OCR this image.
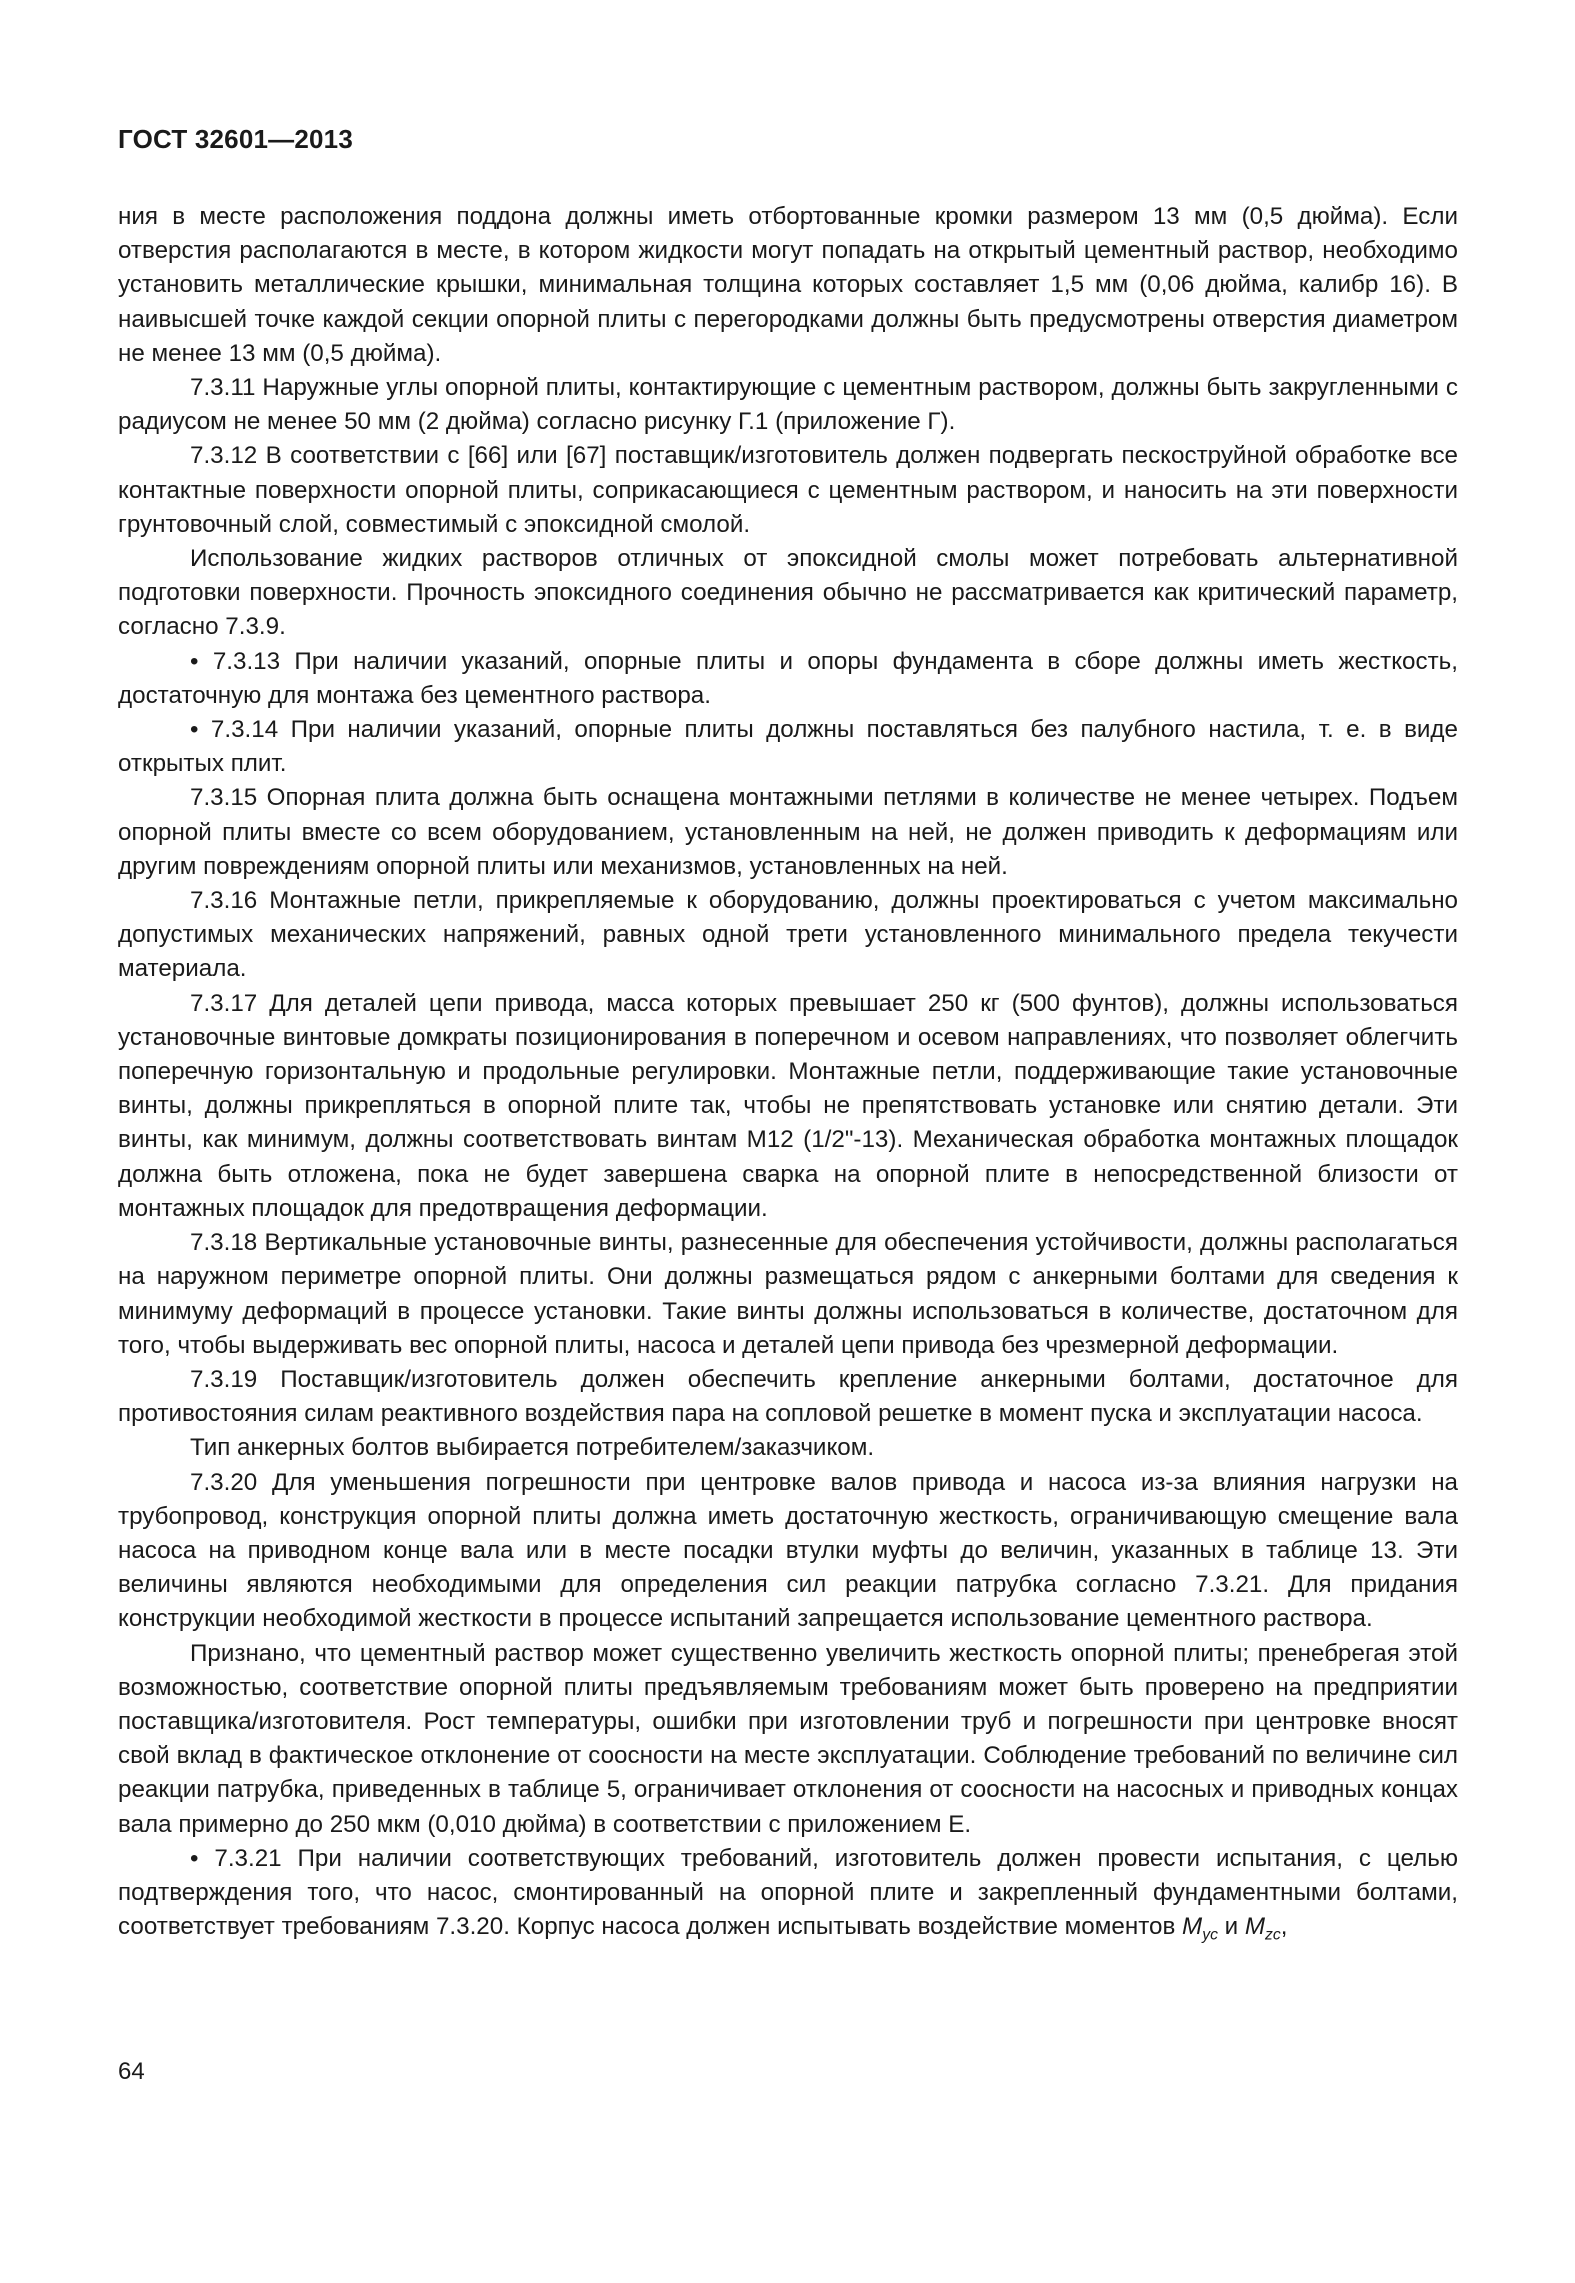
ГОСТ 32601—2013

ния в месте расположения поддона должны иметь отбортованные кромки размером 13 мм (0,5 дюйма). Если отверстия располагаются в месте, в котором жидкости могут попадать на открытый цементный раствор, необходимо установить металлические крышки, минимальная толщина которых составляет 1,5 мм (0,06 дюйма, калибр 16). В наивысшей точке каждой секции опорной плиты с перегородками должны быть предусмотрены отверстия диаметром не менее 13 мм (0,5 дюйма).

7.3.11 Наружные углы опорной плиты, контактирующие с цементным раствором, должны быть закругленными с радиусом не менее 50 мм (2 дюйма) согласно рисунку Г.1 (приложение Г).

7.3.12 В соответствии с [66] или [67] поставщик/изготовитель должен подвергать пескоструйной обработке все контактные поверхности опорной плиты, соприкасающиеся с цементным раствором, и наносить на эти поверхности грунтовочный слой, совместимый с эпоксидной смолой.

Использование жидких растворов отличных от эпоксидной смолы может потребовать альтернативной подготовки поверхности. Прочность эпоксидного соединения обычно не рассматривается как критический параметр, согласно 7.3.9.

• 7.3.13 При наличии указаний, опорные плиты и опоры фундамента в сборе должны иметь жесткость, достаточную для монтажа без цементного раствора.

• 7.3.14 При наличии указаний, опорные плиты должны поставляться без палубного настила, т. е. в виде открытых плит.

7.3.15 Опорная плита должна быть оснащена монтажными петлями в количестве не менее четырех. Подъем опорной плиты вместе со всем оборудованием, установленным на ней, не должен приводить к деформациям или другим повреждениям опорной плиты или механизмов, установленных на ней.

7.3.16 Монтажные петли, прикрепляемые к оборудованию, должны проектироваться с учетом максимально допустимых механических напряжений, равных одной трети установленного минимального предела текучести материала.

7.3.17 Для деталей цепи привода, масса которых превышает 250 кг (500 фунтов), должны использоваться установочные винтовые домкраты позиционирования в поперечном и осевом направлениях, что позволяет облегчить поперечную горизонтальную и продольные регулировки. Монтажные петли, поддерживающие такие установочные винты, должны прикрепляться в опорной плите так, чтобы не препятствовать установке или снятию детали. Эти винты, как минимум, должны соответствовать винтам M12 (1/2"-13). Механическая обработка монтажных площадок должна быть отложена, пока не будет завершена сварка на опорной плите в непосредственной близости от монтажных площадок для предотвращения деформации.

7.3.18 Вертикальные установочные винты, разнесенные для обеспечения устойчивости, должны располагаться на наружном периметре опорной плиты. Они должны размещаться рядом с анкерными болтами для сведения к минимуму деформаций в процессе установки. Такие винты должны использоваться в количестве, достаточном для того, чтобы выдерживать вес опорной плиты, насоса и деталей цепи привода без чрезмерной деформации.

7.3.19 Поставщик/изготовитель должен обеспечить крепление анкерными болтами, достаточное для противостояния силам реактивного воздействия пара на сопловой решетке в момент пуска и эксплуатации насоса.

Тип анкерных болтов выбирается потребителем/заказчиком.

7.3.20 Для уменьшения погрешности при центровке валов привода и насоса из-за влияния нагрузки на трубопровод, конструкция опорной плиты должна иметь достаточную жесткость, ограничивающую смещение вала насоса на приводном конце вала или в месте посадки втулки муфты до величин, указанных в таблице 13. Эти величины являются необходимыми для определения сил реакции патрубка согласно 7.3.21. Для придания конструкции необходимой жесткости в процессе испытаний запрещается использование цементного раствора.

Признано, что цементный раствор может существенно увеличить жесткость опорной плиты; пренебрегая этой возможностью, соответствие опорной плиты предъявляемым требованиям может быть проверено на предприятии поставщика/изготовителя. Рост температуры, ошибки при изготовлении труб и погрешности при центровке вносят свой вклад в фактическое отклонение от соосности на месте эксплуатации. Соблюдение требований по величине сил реакции патрубка, приведенных в таблице 5, ограничивает отклонения от соосности на насосных и приводных концах вала примерно до 250 мкм (0,010 дюйма) в соответствии с приложением Е.

• 7.3.21 При наличии соответствующих требований, изготовитель должен провести испытания, с целью подтверждения того, что насос, смонтированный на опорной плите и закрепленный фундаментными болтами, соответствует требованиям 7.3.20. Корпус насоса должен испытывать воздействие моментов $M_{yc}$ и $M_{zc}$,

64
